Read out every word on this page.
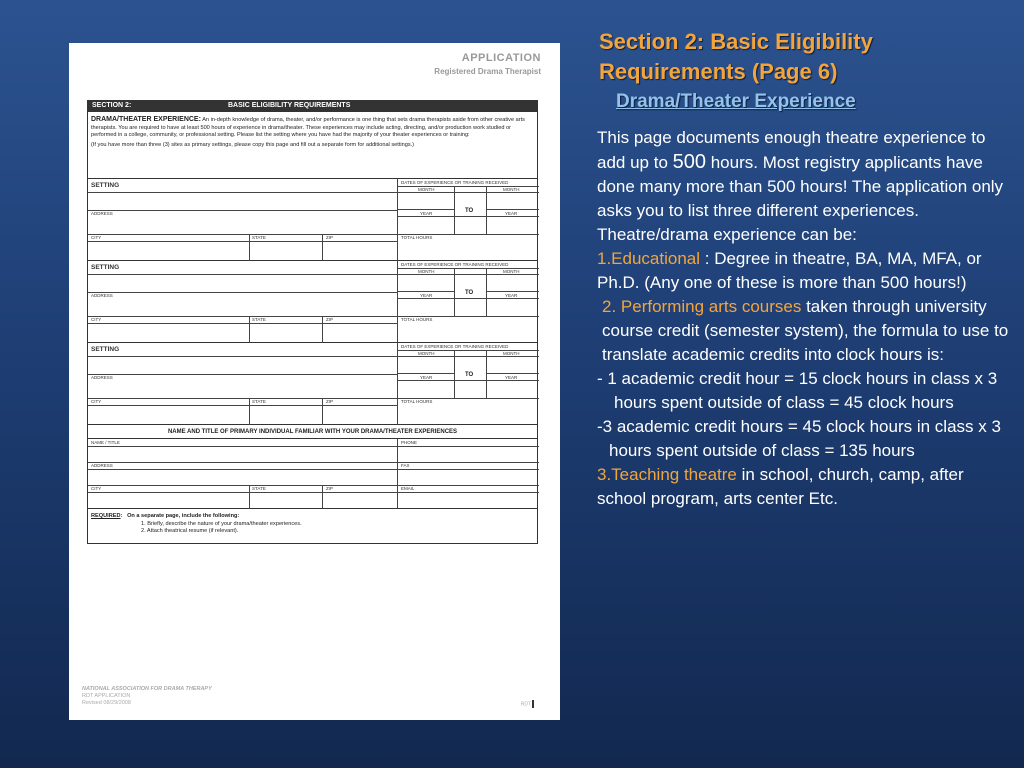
APPLICATION
Registered Drama Therapist
SECTION 2:	BASIC ELIGIBILITY REQUIREMENTS

DRAMA/THEATER EXPERIENCE: An in-depth knowledge of drama, theater, and/or performance is one thing that sets drama therapists aside from other creative arts therapists. You are required to have at least 500 hours of experience in drama/theater. These experiences may include acting, directing, and/or production work studied or performed in a college, community, or professional setting. Please list the setting where you have had the majority of your theater experiences or training:

(If you have more than three (3) sites as primary settings, please copy this page and fill out a separate form for additional settings.)

SETTING	DATES OF EXPERIENCE OR TRAINING RECEIVED
MONTH	MONTH
TO
ADDRESS	YEAR	YEAR
CITY	STATE	ZIP	TOTAL HOURS
SETTING	DATES OF EXPERIENCE OR TRAINING RECEIVED
MONTH	MONTH
TO
ADDRESS	YEAR	YEAR
CITY	STATE	ZIP	TOTAL HOURS
SETTING	DATES OF EXPERIENCE OR TRAINING RECEIVED
MONTH	MONTH
TO
ADDRESS	YEAR	YEAR
CITY	STATE	ZIP	TOTAL HOURS
NAME AND TITLE OF PRIMARY INDIVIDUAL FAMILIAR WITH YOUR DRAMA/THEATER EXPERIENCES
NAME / TITLE	PHONE
ADDRESS	FAX
CITY	STATE	ZIP	EMAIL
REQUIRED:   On a separate page, include the following:
1. Briefly, describe the nature of your drama/theater experiences.
2. Attach theatrical resume (if relevant).
NATIONAL ASSOCIATION FOR DRAMA THERAPY
RDT APPLICATION
Revised 08/29/2008	RDT
Section 2: Basic Eligibility
Requirements (Page 6)
Drama/Theater Experience
This page documents enough theatre experience to add up to 500 hours. Most registry applicants have done many more than 500 hours! The application only asks you to list three different experiences.
Theatre/drama experience can be:
1.Educational : Degree in theatre, BA, MA, MFA, or Ph.D. (Any one of these is more than 500 hours!)
2. Performing arts courses taken through university course credit (semester system), the formula to use to translate academic credits into clock hours is:
- 1 academic credit hour = 15 clock hours in class x 3
hours spent outside of class = 45 clock hours
-3 academic credit hours = 45 clock hours in class x 3
hours spent outside of class = 135 hours
3.Teaching theatre in school, church, camp, after school program, arts center Etc.
